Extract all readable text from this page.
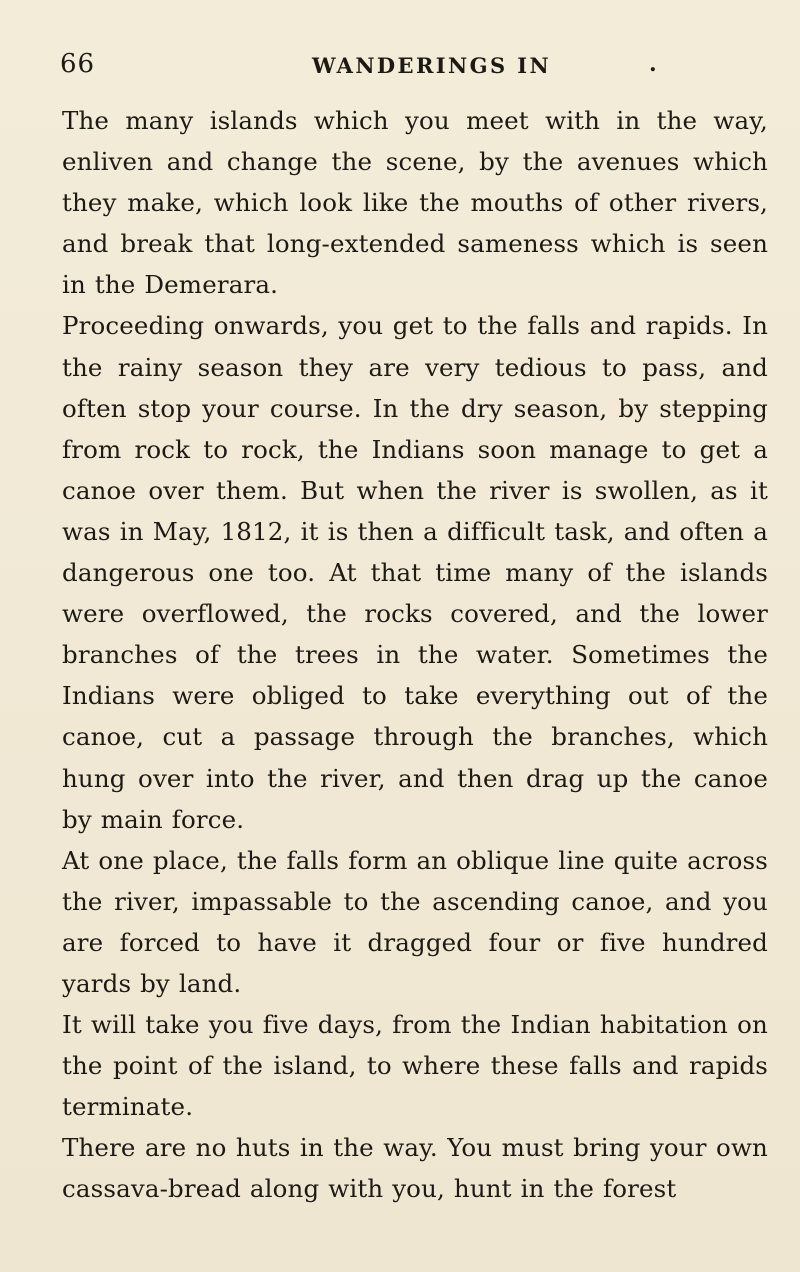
66	WANDERINGS IN	.

The many islands which you meet with in the way, enliven and change the scene, by the avenues which they make, which look like the mouths of other rivers, and break that long-extended sameness which is seen in the Demerara.

Proceeding onwards, you get to the falls and rapids. In the rainy season they are very tedious to pass, and often stop your course. In the dry season, by stepping from rock to rock, the Indians soon manage to get a canoe over them. But when the river is swollen, as it was in May, 1812, it is then a difficult task, and often a dangerous one too. At that time many of the islands were overflowed, the rocks covered, and the lower branches of the trees in the water. Sometimes the Indians were obliged to take everything out of the canoe, cut a passage through the branches, which hung over into the river, and then drag up the canoe by main force.

At one place, the falls form an oblique line quite across the river, impassable to the ascending canoe, and you are forced to have it dragged four or five hundred yards by land.

It will take you five days, from the Indian habitation on the point of the island, to where these falls and rapids terminate.

There are no huts in the way. You must bring your own cassava-bread along with you, hunt in the forest
